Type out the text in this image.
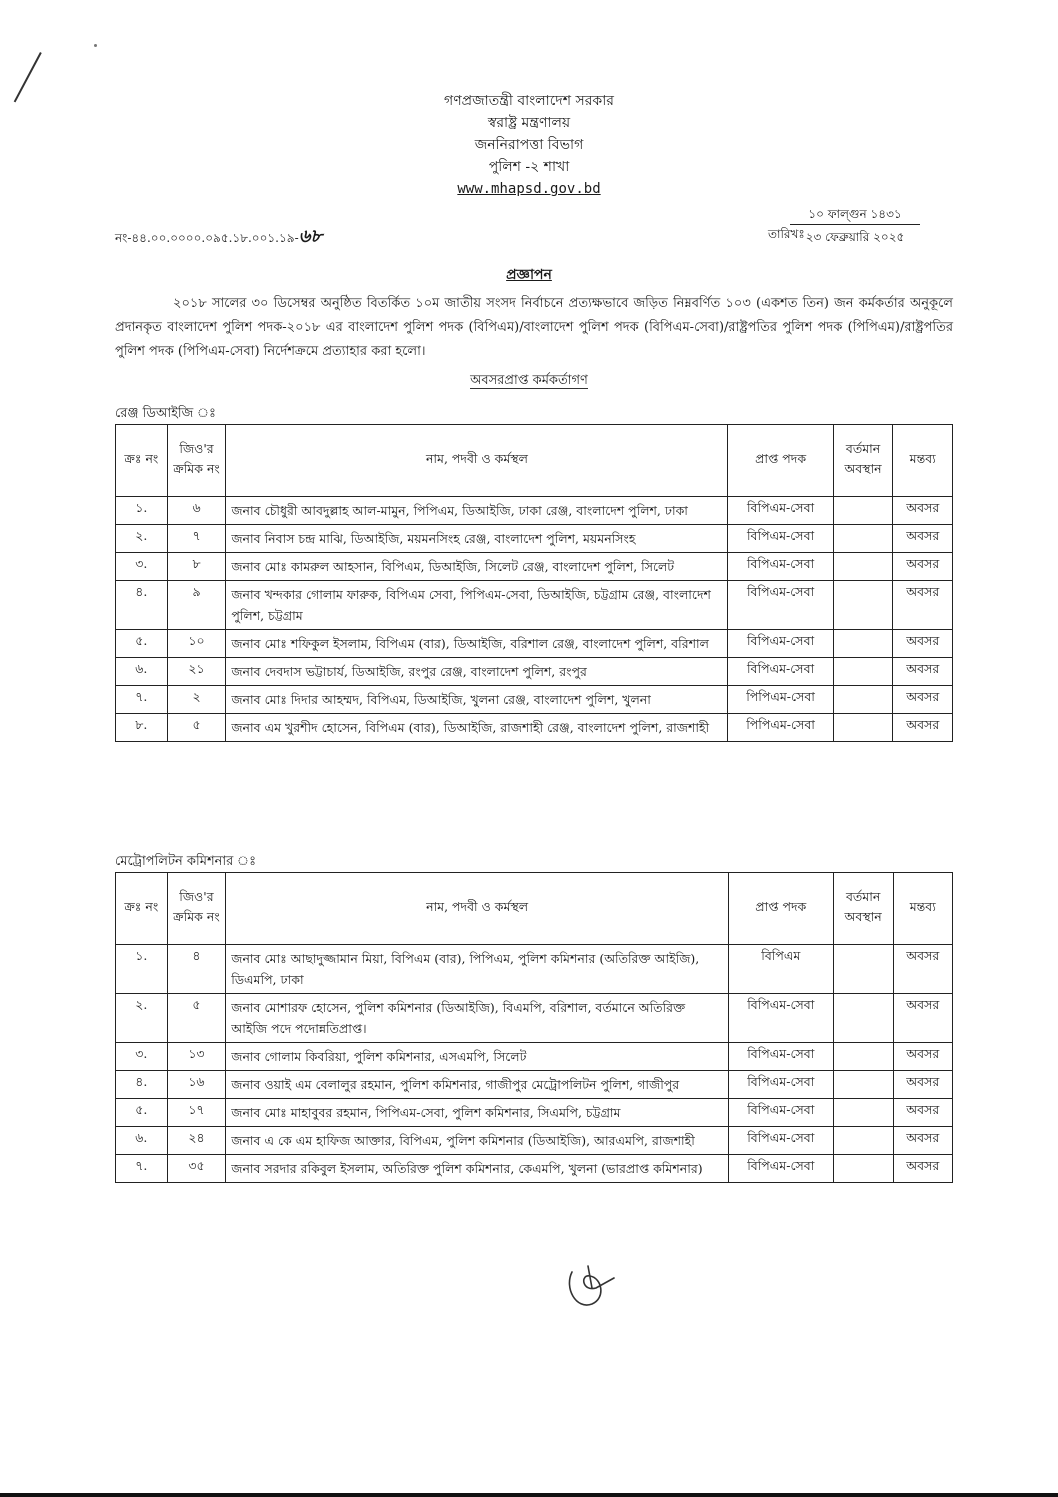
গণপ্রজাতন্ত্রী বাংলাদেশ সরকার
স্বরাষ্ট্র মন্ত্রণালয়
জননিরাপত্তা বিভাগ
পুলিশ -২ শাখা
www.mhapsd.gov.bd
নং-৪৪.০০.০০০০.০৯৫.১৮.০০১.১৯-৬৮	তারিখঃ
১০ ফাল্গুন ১৪৩১
২৩ ফেব্রুয়ারি ২০২৫
প্রজ্ঞাপন
২০১৮ সালের ৩০ ডিসেম্বর অনুষ্ঠিত বিতর্কিত ১০ম জাতীয় সংসদ নির্বাচনে প্রত্যক্ষভাবে জড়িত নিম্নবর্ণিত ১০৩ (একশত তিন) জন কর্মকর্তার অনুকূলে প্রদানকৃত বাংলাদেশ পুলিশ পদক-২০১৮ এর বাংলাদেশ পুলিশ পদক (বিপিএম)/বাংলাদেশ পুলিশ পদক (বিপিএম-সেবা)/রাষ্ট্রপতির পুলিশ পদক (পিপিএম)/রাষ্ট্রপতির পুলিশ পদক (পিপিএম-সেবা) নির্দেশক্রমে প্রত্যাহার করা হলো।
অবসরপ্রাপ্ত কর্মকর্তাগণ
রেঞ্জ ডিআইজি ঃ
ক্রঃ নং	জিও'র ক্রমিক নং	নাম, পদবী ও কর্মস্থল	প্রাপ্ত পদক	বর্তমান অবস্থান	মন্তব্য
১.	৬	জনাব চৌধুরী আবদুল্লাহ আল-মামুন, পিপিএম, ডিআইজি, ঢাকা রেঞ্জ, বাংলাদেশ পুলিশ, ঢাকা	বিপিএম-সেবা		অবসর
২.	৭	জনাব নিবাস চন্দ্র মাঝি, ডিআইজি, ময়মনসিংহ রেঞ্জ, বাংলাদেশ পুলিশ, ময়মনসিংহ	বিপিএম-সেবা		অবসর
৩.	৮	জনাব মোঃ কামরুল আহসান, বিপিএম, ডিআইজি, সিলেট রেঞ্জ, বাংলাদেশ পুলিশ, সিলেট	বিপিএম-সেবা		অবসর
৪.	৯	জনাব খন্দকার গোলাম ফারুক, বিপিএম সেবা, পিপিএম-সেবা, ডিআইজি, চট্টগ্রাম রেঞ্জ, বাংলাদেশ পুলিশ, চট্টগ্রাম	বিপিএম-সেবা		অবসর
৫.	১০	জনাব মোঃ শফিকুল ইসলাম, বিপিএম (বার), ডিআইজি, বরিশাল রেঞ্জ, বাংলাদেশ পুলিশ, বরিশাল	বিপিএম-সেবা		অবসর
৬.	২১	জনাব দেবদাস ভট্টাচার্য, ডিআইজি, রংপুর রেঞ্জ, বাংলাদেশ পুলিশ, রংপুর	বিপিএম-সেবা		অবসর
৭.	২	জনাব মোঃ দিদার আহম্মদ, বিপিএম, ডিআইজি, খুলনা রেঞ্জ, বাংলাদেশ পুলিশ, খুলনা	পিপিএম-সেবা		অবসর
৮.	৫	জনাব এম খুরশীদ হোসেন, বিপিএম (বার), ডিআইজি, রাজশাহী রেঞ্জ, বাংলাদেশ পুলিশ, রাজশাহী	পিপিএম-সেবা		অবসর
মেট্রোপলিটন কমিশনার ঃ
ক্রঃ নং	জিও'র ক্রমিক নং	নাম, পদবী ও কর্মস্থল	প্রাপ্ত পদক	বর্তমান অবস্থান	মন্তব্য
১.	৪	জনাব মোঃ আছাদুজ্জামান মিয়া, বিপিএম (বার), পিপিএম, পুলিশ কমিশনার (অতিরিক্ত আইজি), ডিএমপি, ঢাকা	বিপিএম		অবসর
২.	৫	জনাব মোশারফ হোসেন, পুলিশ কমিশনার (ডিআইজি), বিএমপি, বরিশাল, বর্তমানে অতিরিক্ত আইজি পদে পদোন্নতিপ্রাপ্ত।	বিপিএম-সেবা		অবসর
৩.	১৩	জনাব গোলাম কিবরিয়া, পুলিশ কমিশনার, এসএমপি, সিলেট	বিপিএম-সেবা		অবসর
৪.	১৬	জনাব ওয়াই এম বেলালুর রহমান, পুলিশ কমিশনার, গাজীপুর মেট্রোপলিটন পুলিশ, গাজীপুর	বিপিএম-সেবা		অবসর
৫.	১৭	জনাব মোঃ মাহাবুবর রহমান, পিপিএম-সেবা, পুলিশ কমিশনার, সিএমপি, চট্টগ্রাম	বিপিএম-সেবা		অবসর
৬.	২৪	জনাব এ কে এম হাফিজ আক্তার, বিপিএম, পুলিশ কমিশনার (ডিআইজি), আরএমপি, রাজশাহী	বিপিএম-সেবা		অবসর
৭.	৩৫	জনাব সরদার রকিবুল ইসলাম, অতিরিক্ত পুলিশ কমিশনার, কেএমপি, খুলনা (ভারপ্রাপ্ত কমিশনার)	বিপিএম-সেবা		অবসর
